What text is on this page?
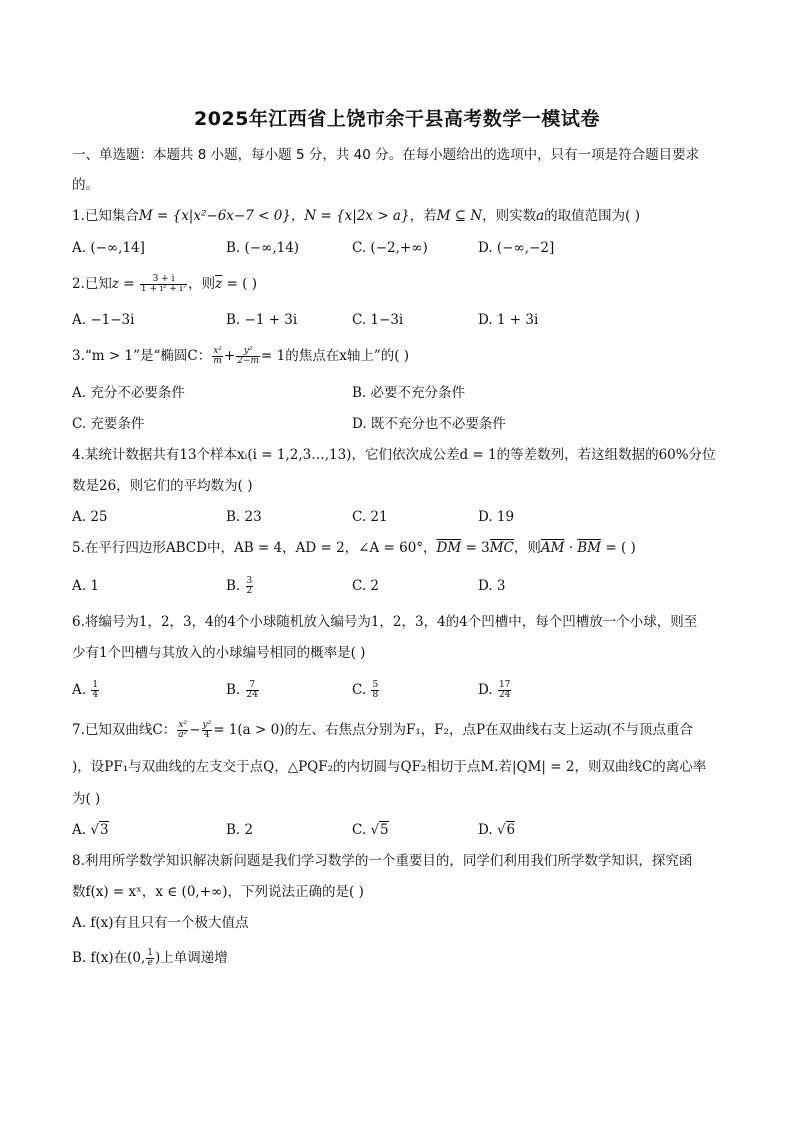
2025年江西省上饶市余干县高考数学一模试卷
一、单选题：本题共 8 小题，每小题 5 分，共 40 分。在每小题给出的选项中，只有一项是符合题目要求
的。
1.已知集合M = {x|x²−6x−7 < 0}，N = {x|2x > a}，若M ⊆ N，则实数a的取值范围为( )
A. (−∞,14]	B. (−∞,14)	C. (−2,+∞)	D. (−∞,−2]
2.已知$z = \frac{3 + i}{\text{1 + i² + i⁷}}$ ，则$\overline{z}$ = ( )
A. −1−3i	B. −1 + 3i	C. 1−3i	D. 1 + 3i
3.“m > 1”是“椭圆C： $\frac{\text{x²}}{m} + \frac{\text{y²}}{2-m} = 1$的焦点在x轴上”的( )
A. 充分不必要条件	B. 必要不充分条件
C. 充要条件	D. 既不充分也不必要条件
4.某统计数据共有13个样本xᵢ(i = 1,2,3…,13)，它们依次成公差d = 1的等差数列，若这组数据的60%分位
数是26，则它们的平均数为( )
A. 25	B. 23	C. 21	D. 19
5.在平行四边形ABCD中，AB = 4，AD = 2，∠A = 60°，$\overline{DM} = 3\overline{MC}$，则$\overline{AM} \cdot \overline{BM}$ = ( )
A. 1	B. $\frac{3}{2}$	C. 2	D. 3
6.将编号为1，2，3，4的4个小球随机放入编号为1，2，3，4的4个凹槽中，每个凹槽放一个小球，则至
少有1个凹槽与其放入的小球编号相同的概率是( )
A. $\frac{1}{4}$	B. $\frac{7}{24}$	C. $\frac{5}{8}$	D. $\frac{17}{24}$
7.已知双曲线C： $\frac{\text{x²}}{\text{a²}} - \frac{\text{y²}}{4} = 1(a > 0)$的左、右焦点分别为F₁，F₂，点P在双曲线右支上运动(不与顶点重合
)，设PF₁与双曲线的左支交于点Q，△PQF₂的内切圆与QF₂相切于点M.若|QM| = 2，则双曲线C的离心率
为( )
A. √3	B. 2	C. √5	D. √6
8.利用所学数学知识解决新问题是我们学习数学的一个重要目的，同学们利用我们所学数学知识，探究函
数f(x) = xˣ，x ∈ (0,+∞)，下列说法正确的是( )
A. f(x)有且只有一个极大值点
B. f(x)在(0, $\frac{1}{e}$ )上单调递增
